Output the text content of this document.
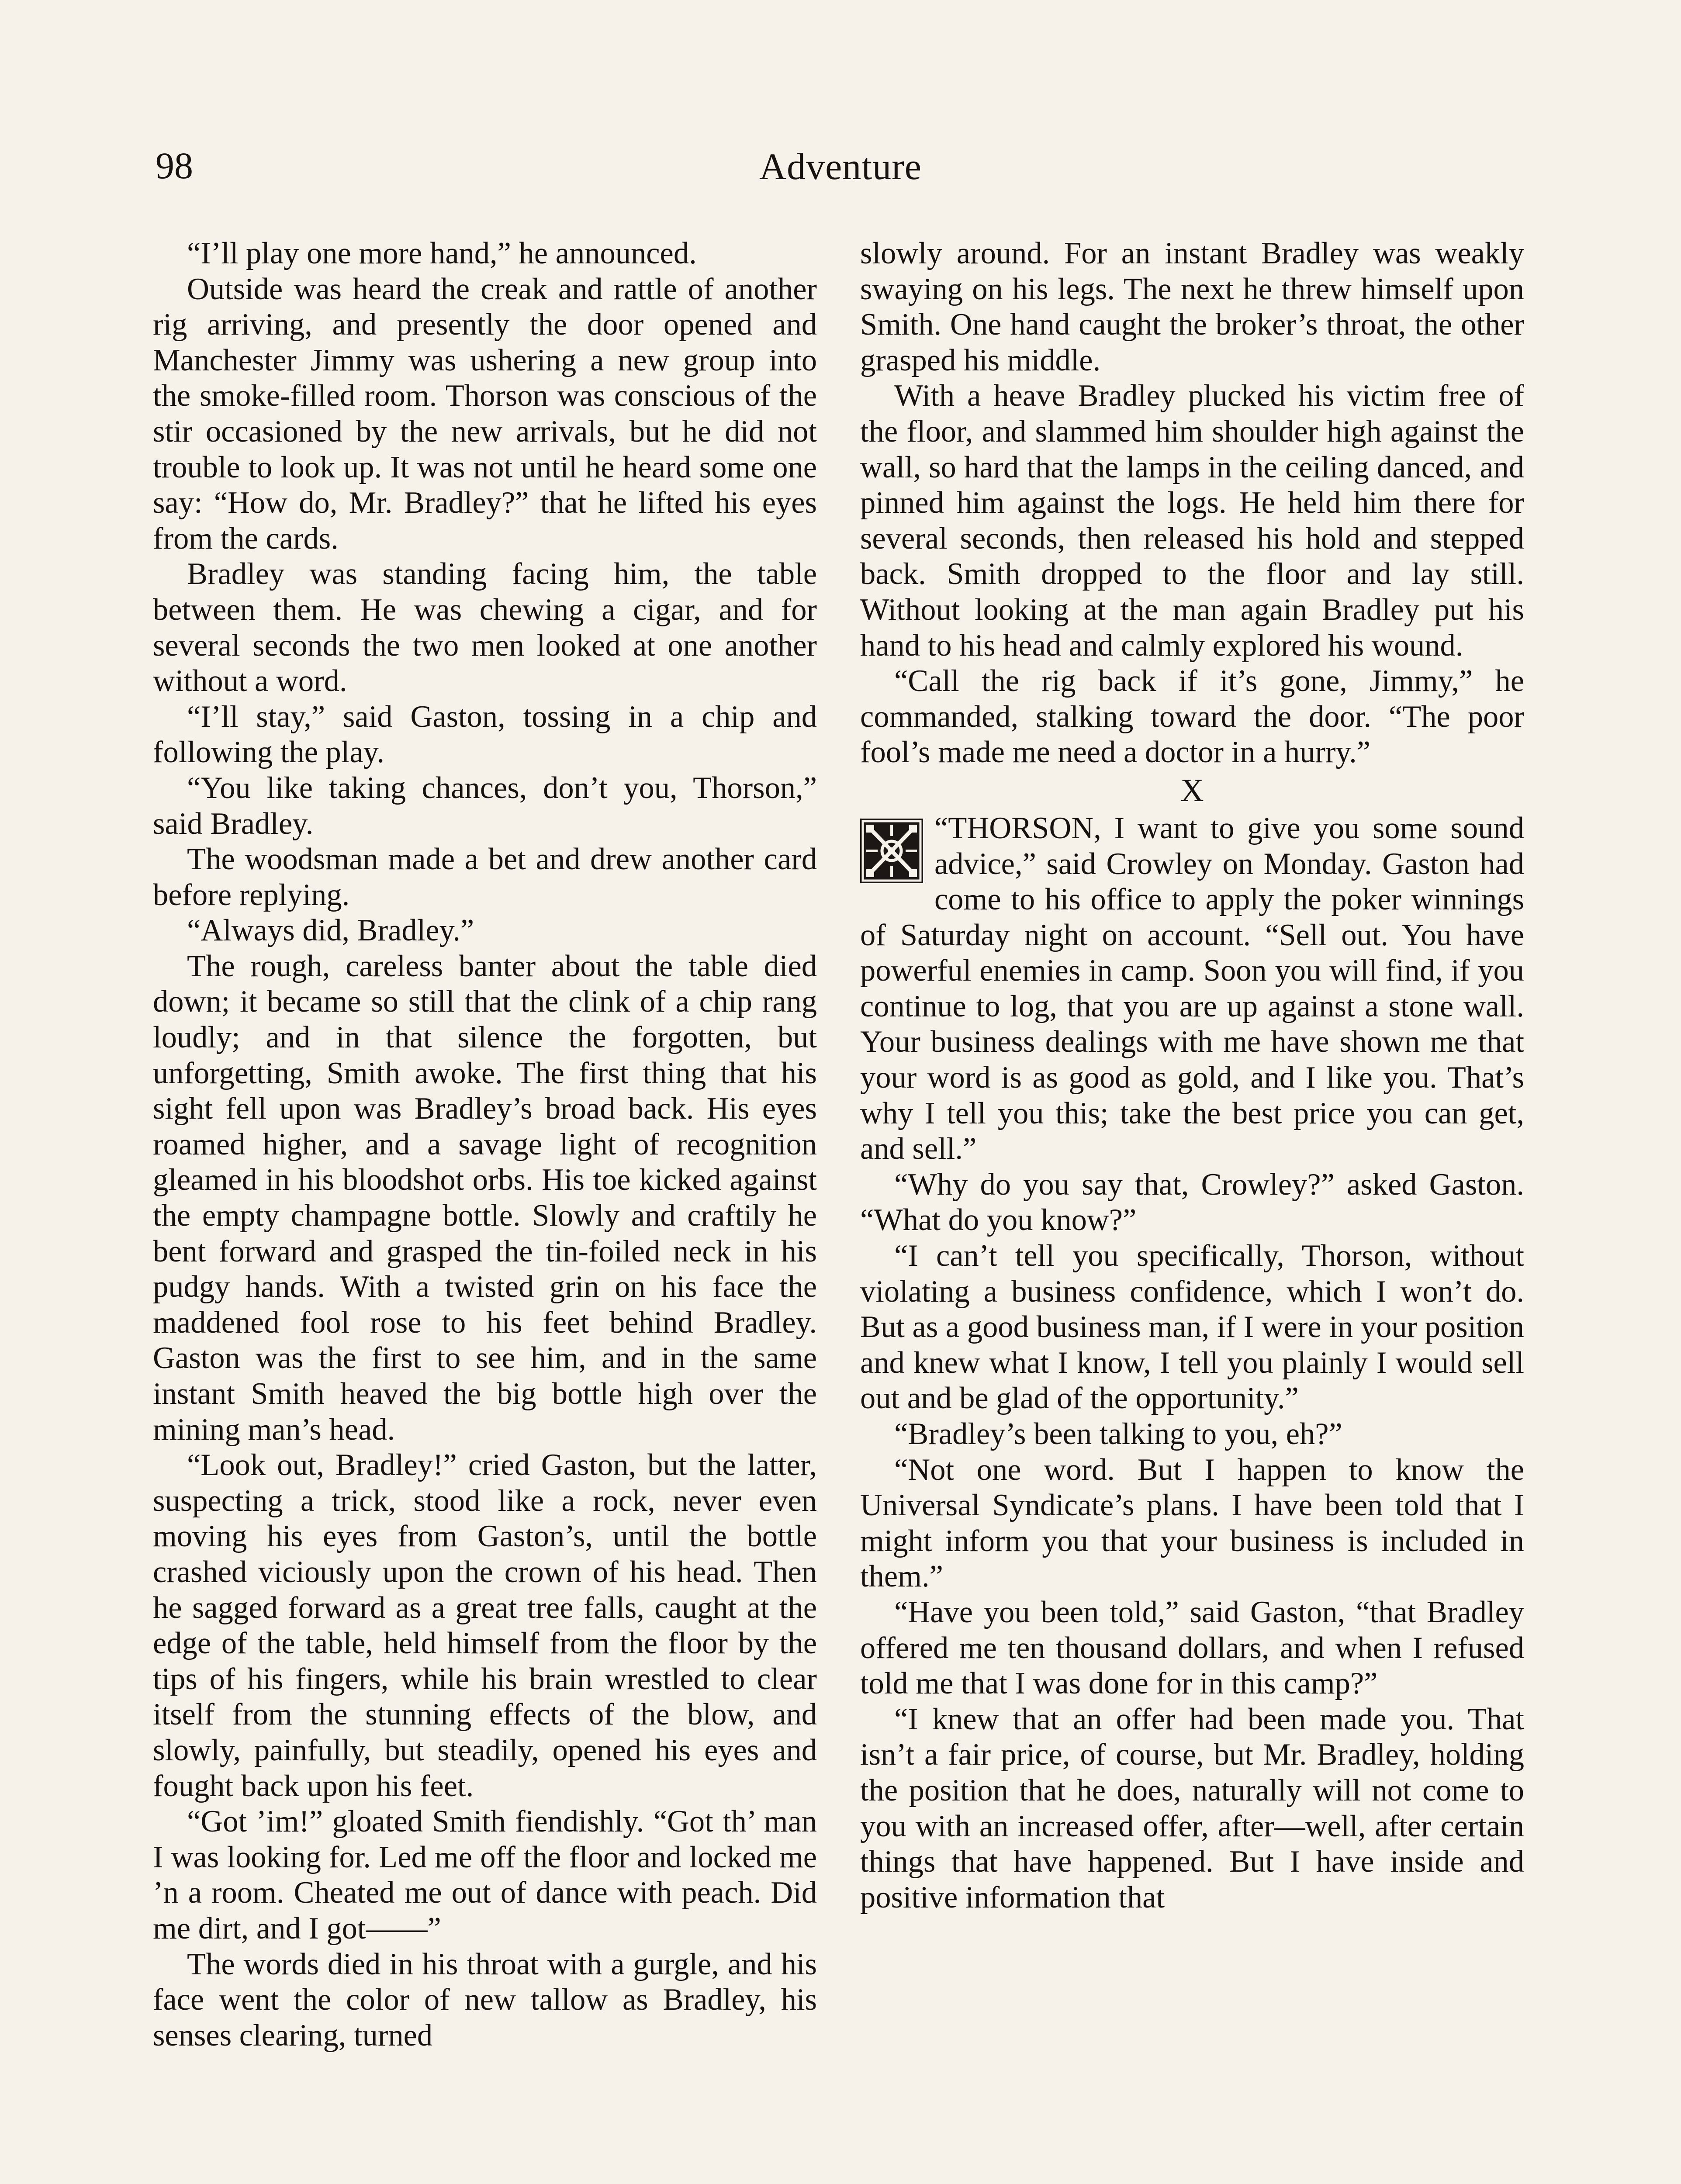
98	Adventure

“I’ll play one more hand,” he announced.

Outside was heard the creak and rattle of another rig arriving, and presently the door opened and Manchester Jimmy was ushering a new group into the smoke-filled room. Thorson was conscious of the stir occasioned by the new arrivals, but he did not trouble to look up. It was not until he heard some one say: “How do, Mr. Bradley?” that he lifted his eyes from the cards.

Bradley was standing facing him, the table between them. He was chewing a cigar, and for several seconds the two men looked at one another without a word.

“I’ll stay,” said Gaston, tossing in a chip and following the play.

“You like taking chances, don’t you, Thorson,” said Bradley.

The woodsman made a bet and drew another card before replying.

“Always did, Bradley.”

The rough, careless banter about the table died down; it became so still that the clink of a chip rang loudly; and in that silence the forgotten, but unforgetting, Smith awoke. The first thing that his sight fell upon was Bradley’s broad back. His eyes roamed higher, and a savage light of recognition gleamed in his bloodshot orbs. His toe kicked against the empty champagne bottle. Slowly and craftily he bent forward and grasped the tin-foiled neck in his pudgy hands. With a twisted grin on his face the maddened fool rose to his feet behind Bradley. Gaston was the first to see him, and in the same instant Smith heaved the big bottle high over the mining man’s head.

“Look out, Bradley!” cried Gaston, but the latter, suspecting a trick, stood like a rock, never even moving his eyes from Gaston’s, until the bottle crashed viciously upon the crown of his head. Then he sagged forward as a great tree falls, caught at the edge of the table, held himself from the floor by the tips of his fingers, while his brain wrestled to clear itself from the stunning effects of the blow, and slowly, painfully, but steadily, opened his eyes and fought back upon his feet.

“Got ’im!” gloated Smith fiendishly. “Got th’ man I was looking for. Led me off the floor and locked me ’n a room. Cheated me out of dance with peach. Did me dirt, and I got——”

The words died in his throat with a gurgle, and his face went the color of new tallow as Bradley, his senses clearing, turned

slowly around. For an instant Bradley was weakly swaying on his legs. The next he threw himself upon Smith. One hand caught the broker’s throat, the other grasped his middle.

With a heave Bradley plucked his victim free of the floor, and slammed him shoulder high against the wall, so hard that the lamps in the ceiling danced, and pinned him against the logs. He held him there for several seconds, then released his hold and stepped back. Smith dropped to the floor and lay still. Without looking at the man again Bradley put his hand to his head and calmly explored his wound.

“Call the rig back if it’s gone, Jimmy,” he commanded, stalking toward the door. “The poor fool’s made me need a doctor in a hurry.”

X

“THORSON, I want to give you some sound advice,” said Crowley on Monday. Gaston had come to his office to apply the poker winnings of Saturday night on account. “Sell out. You have powerful enemies in camp. Soon you will find, if you continue to log, that you are up against a stone wall. Your business dealings with me have shown me that your word is as good as gold, and I like you. That’s why I tell you this; take the best price you can get, and sell.”

“Why do you say that, Crowley?” asked Gaston. “What do you know?”

“I can’t tell you specifically, Thorson, without violating a business confidence, which I won’t do. But as a good business man, if I were in your position and knew what I know, I tell you plainly I would sell out and be glad of the opportunity.”

“Bradley’s been talking to you, eh?”

“Not one word. But I happen to know the Universal Syndicate’s plans. I have been told that I might inform you that your business is included in them.”

“Have you been told,” said Gaston, “that Bradley offered me ten thousand dollars, and when I refused told me that I was done for in this camp?”

“I knew that an offer had been made you. That isn’t a fair price, of course, but Mr. Bradley, holding the position that he does, naturally will not come to you with an increased offer, after—well, after certain things that have happened. But I have inside and positive information that
